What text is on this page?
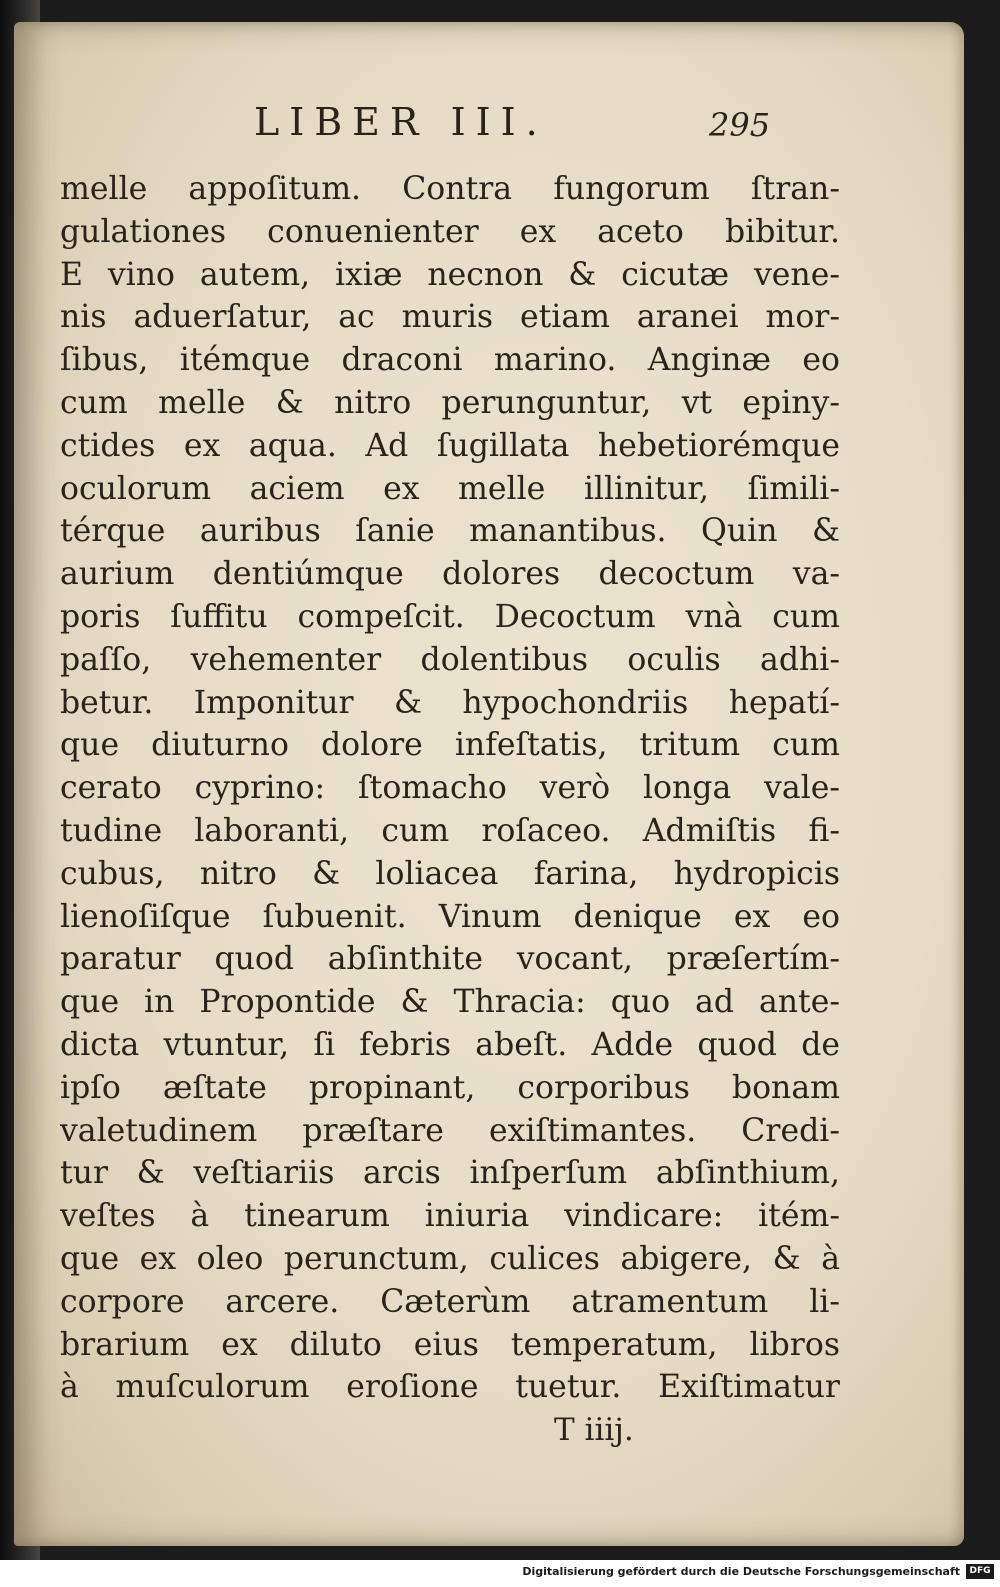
LIBER III.	295
melle appoſitum. Contra fungorum ſtran-
gulationes conuenienter ex aceto bibitur.
E vino autem, ixiæ necnon & cicutæ vene-
nis aduerſatur, ac muris etiam aranei mor-
ſibus, itémque draconi marino. Anginæ eo
cum melle & nitro perunguntur, vt epiny-
ctides ex aqua. Ad ſugillata hebetiorémque
oculorum aciem ex melle illinitur, ſimili-
térque auribus ſanie manantibus. Quin &
aurium dentiúmque dolores decoctum va-
poris ſuffitu compeſcit. Decoctum vnà cum
paſſo, vehementer dolentibus oculis adhi-
betur. Imponitur & hypochondriis hepatí-
que diuturno dolore infeſtatis, tritum cum
cerato cyprino: ſtomacho verò longa vale-
tudine laboranti, cum roſaceo. Admiſtis fi-
cubus, nitro & loliacea farina, hydropicis
lienoſiſque ſubuenit. Vinum denique ex eo
paratur quod abſinthite vocant, præſertím-
que in Propontide & Thracia: quo ad ante-
dicta vtuntur, ſi febris abeſt. Adde quod de
ipſo æſtate propinant, corporibus bonam
valetudinem præſtare exiſtimantes. Credi-
tur & veſtiariis arcis inſperſum abſinthium,
veſtes à tinearum iniuria vindicare: itém-
que ex oleo perunctum, culices abigere, & à
corpore arcere. Cæterùm atramentum li-
brarium ex diluto eius temperatum, libros
à muſculorum eroſione tuetur. Exiſtimatur
T iiij.
Digitalisierung gefördert durch die Deutsche Forschungsgemeinschaft	DFG
